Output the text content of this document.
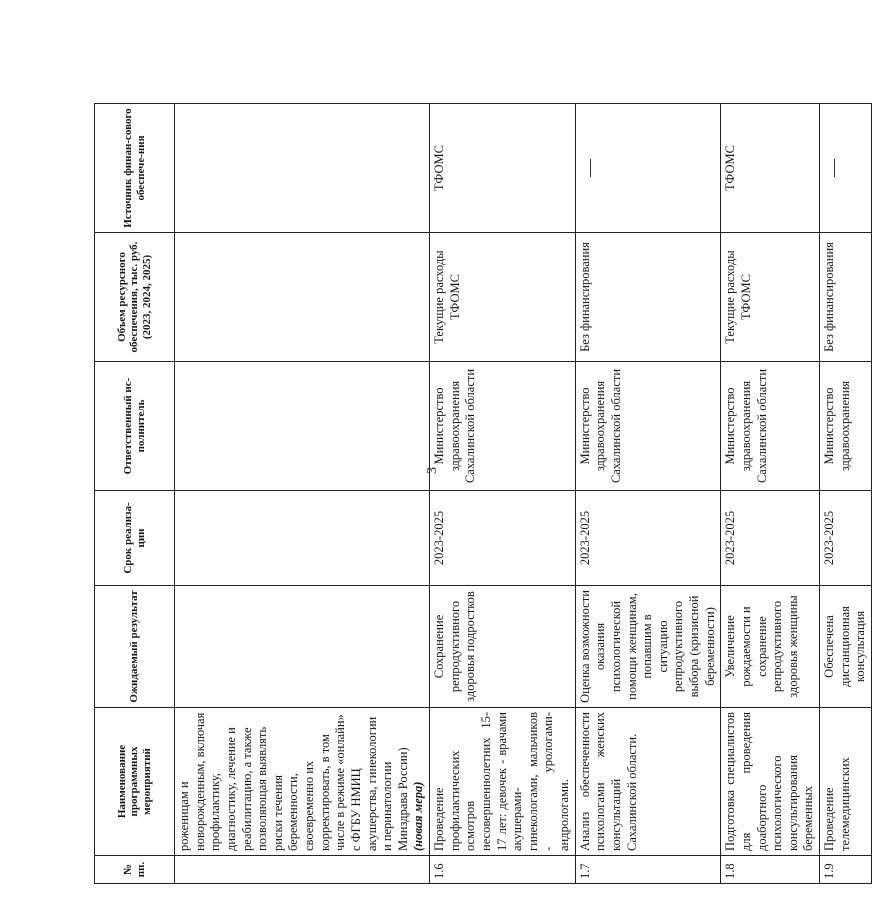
3
№ пп.	Наименование программных мероприятий	Ожидаемый результат	Срок реализа-ции	Ответственный ис-полнитель	Объем ресурсного обеспечения, тыс. руб. (2023, 2024, 2025)	Источник финан-сового обеспече-ния
	роженицам и новорожденным, включая профилактику, диагностику, лечение и реабилитацию, а также позволяющая выявлять риски течения беременности, своевременно их корректировать, в том числе в режиме «онлайн» с ФГБУ НМИЦ акушерства, гинекологии и перинатологии Минздрава России) (новая мера)					
1.6	Проведение профилактических осмотров несовершеннолетних 15-17 лет: девочек - врачами акушерами-гинекологами, мальчиков - урологами- андрологами.	Сохранение репродуктивного здоровья подростков	2023-2025	Министерство здравоохранения Сахалинской области	Текущие расходы ТФОМС	ТФОМС
1.7	Анализ обеспеченности психологами женских консультаций Сахалинской области.	Оценка возможности оказания психологической помощи женщинам, попавшим в ситуацию репродуктивного выбора (кризисной беременности)	2023-2025	Министерство здравоохранения Сахалинской области	Без финансирования	—
1.8	Подготовка специалистов для проведения доабортного психологического консультирования беременных	Увеличение рождаемости и сохранение репродуктивного здоровья женщины	2023-2025	Министерство здравоохранения Сахалинской области	Текущие расходы ТФОМС	ТФОМС
1.9	Проведение телемедицинских	Обеспечена дистанционная консультация	2023-2025	Министерство здравоохранения	Без финансирования	—
